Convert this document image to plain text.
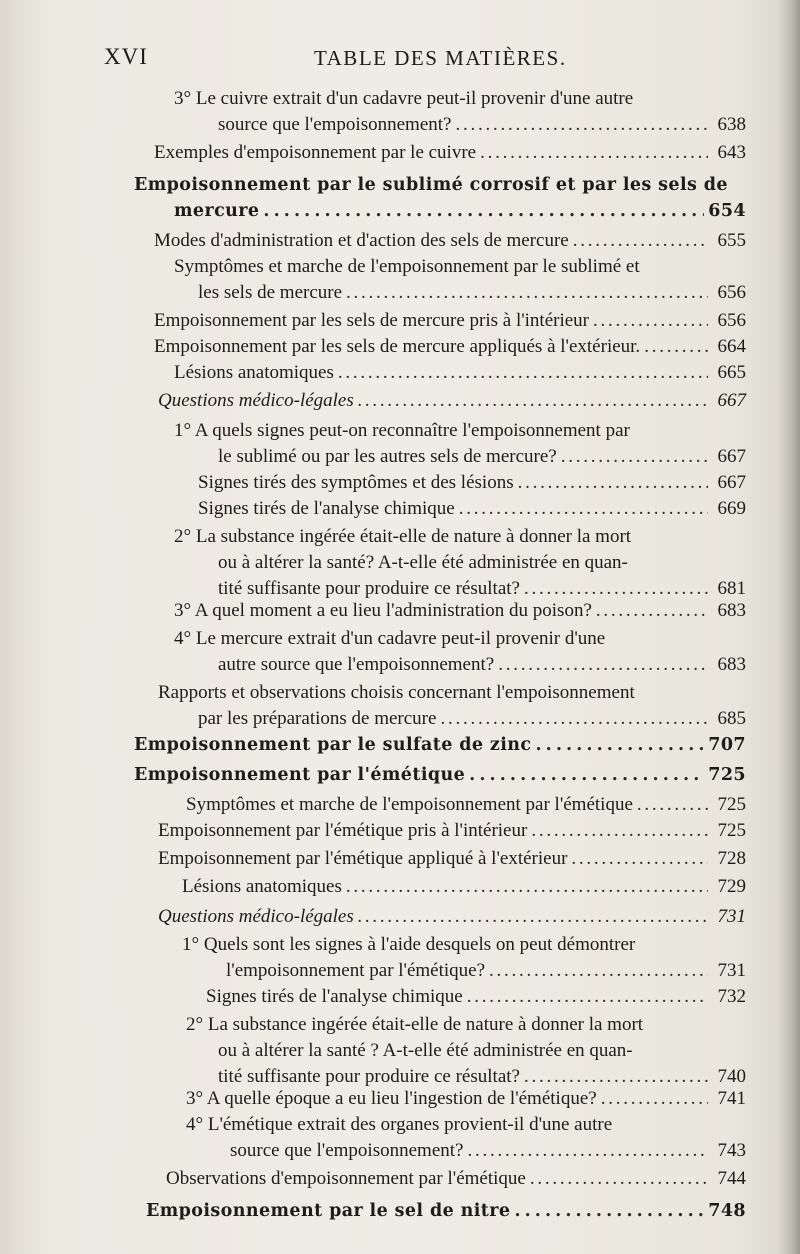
XVI	TABLE DES MATIÈRES.
3° Le cuivre extrait d'un cadavre peut-il provenir d'une autre
source que l'empoisonnement? . . .	638
Exemples d'empoisonnement par le cuivre . . .	643
Empoisonnement par le sublimé corrosif et par les sels de
mercure . . .	654
Modes d'administration et d'action des sels de mercure . . .	655
Symptômes et marche de l'empoisonnement par le sublimé et
les sels de mercure . . .	656
Empoisonnement par les sels de mercure pris à l'intérieur . . .	656
Empoisonnement par les sels de mercure appliqués à l'extérieur. . . .	664
Lésions anatomiques . . .	665
Questions médico-légales . . .	667
1° A quels signes peut-on reconnaître l'empoisonnement par
le sublimé ou par les autres sels de mercure? . . .	667
Signes tirés des symptômes et des lésions . . .	667
Signes tirés de l'analyse chimique . . .	669
2° La substance ingérée était-elle de nature à donner la mort
ou à altérer la santé? A-t-elle été administrée en quan-
tité suffisante pour produire ce résultat? . . .	681
3° A quel moment a eu lieu l'administration du poison? . . .	683
4° Le mercure extrait d'un cadavre peut-il provenir d'une
autre source que l'empoisonnement? . . .	683
Rapports et observations choisis concernant l'empoisonnement
par les préparations de mercure . . .	685
Empoisonnement par le sulfate de zinc . . .	707
Empoisonnement par l'émétique . . .	725
Symptômes et marche de l'empoisonnement par l'émétique . . .	725
Empoisonnement par l'émétique pris à l'intérieur . . .	725
Empoisonnement par l'émétique appliqué à l'extérieur . . .	728
Lésions anatomiques . . .	729
Questions médico-légales . . .	731
1° Quels sont les signes à l'aide desquels on peut démontrer
l'empoisonnement par l'émétique? . . .	731
Signes tirés de l'analyse chimique . . .	732
2° La substance ingérée était-elle de nature à donner la mort
ou à altérer la santé ? A-t-elle été administrée en quan-
tité suffisante pour produire ce résultat? . . .	740
3° A quelle époque a eu lieu l'ingestion de l'émétique? . . .	741
4° L'émétique extrait des organes provient-il d'une autre
source que l'empoisonnement? . . .	743
Observations d'empoisonnement par l'émétique . . .	744
Empoisonnement par le sel de nitre . . .	748
